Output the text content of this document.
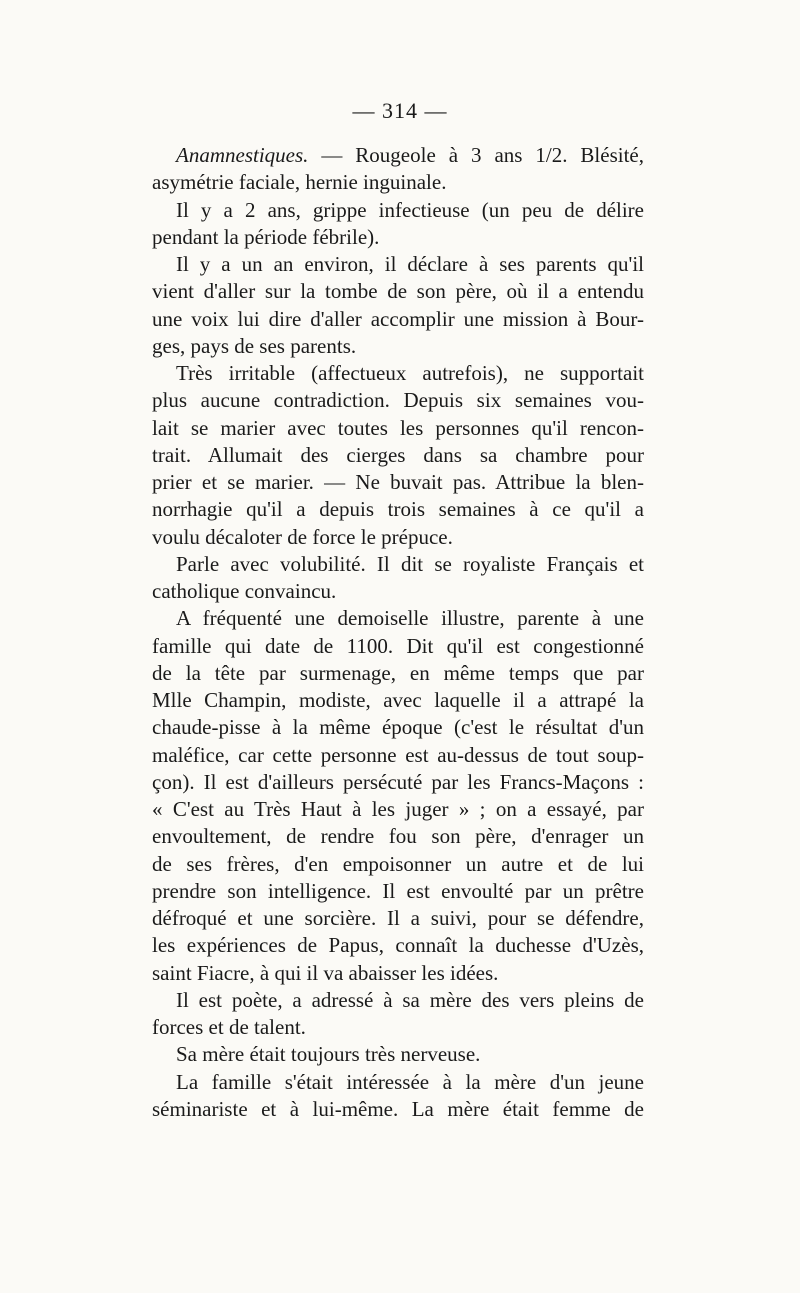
— 314 —
Anamnestiques. — Rougeole à 3 ans 1/2. Blésité,
asymétrie faciale, hernie inguinale.
Il y a 2 ans, grippe infectieuse (un peu de délire
pendant la période fébrile).
Il y a un an environ, il déclare à ses parents qu'il
vient d'aller sur la tombe de son père, où il a entendu
une voix lui dire d'aller accomplir une mission à Bour-
ges, pays de ses parents.
Très irritable (affectueux autrefois), ne supportait
plus aucune contradiction. Depuis six semaines vou-
lait se marier avec toutes les personnes qu'il rencon-
trait. Allumait des cierges dans sa chambre pour
prier et se marier. — Ne buvait pas. Attribue la blen-
norrhagie qu'il a depuis trois semaines à ce qu'il a
voulu décaloter de force le prépuce.
Parle avec volubilité. Il dit se royaliste Français et
catholique convaincu.
A fréquenté une demoiselle illustre, parente à une
famille qui date de 1100. Dit qu'il est congestionné
de la tête par surmenage, en même temps que par
Mlle Champin, modiste, avec laquelle il a attrapé la
chaude-pisse à la même époque (c'est le résultat d'un
maléfice, car cette personne est au-dessus de tout soup-
çon). Il est d'ailleurs persécuté par les Francs-Maçons :
« C'est au Très Haut à les juger » ; on a essayé, par
envoultement, de rendre fou son père, d'enrager un
de ses frères, d'en empoisonner un autre et de lui
prendre son intelligence. Il est envoulté par un prêtre
défroqué et une sorcière. Il a suivi, pour se défendre,
les expériences de Papus, connaît la duchesse d'Uzès,
saint Fiacre, à qui il va abaisser les idées.
Il est poète, a adressé à sa mère des vers pleins de
forces et de talent.
Sa mère était toujours très nerveuse.
La famille s'était intéressée à la mère d'un jeune
séminariste et à lui-même. La mère était femme de
